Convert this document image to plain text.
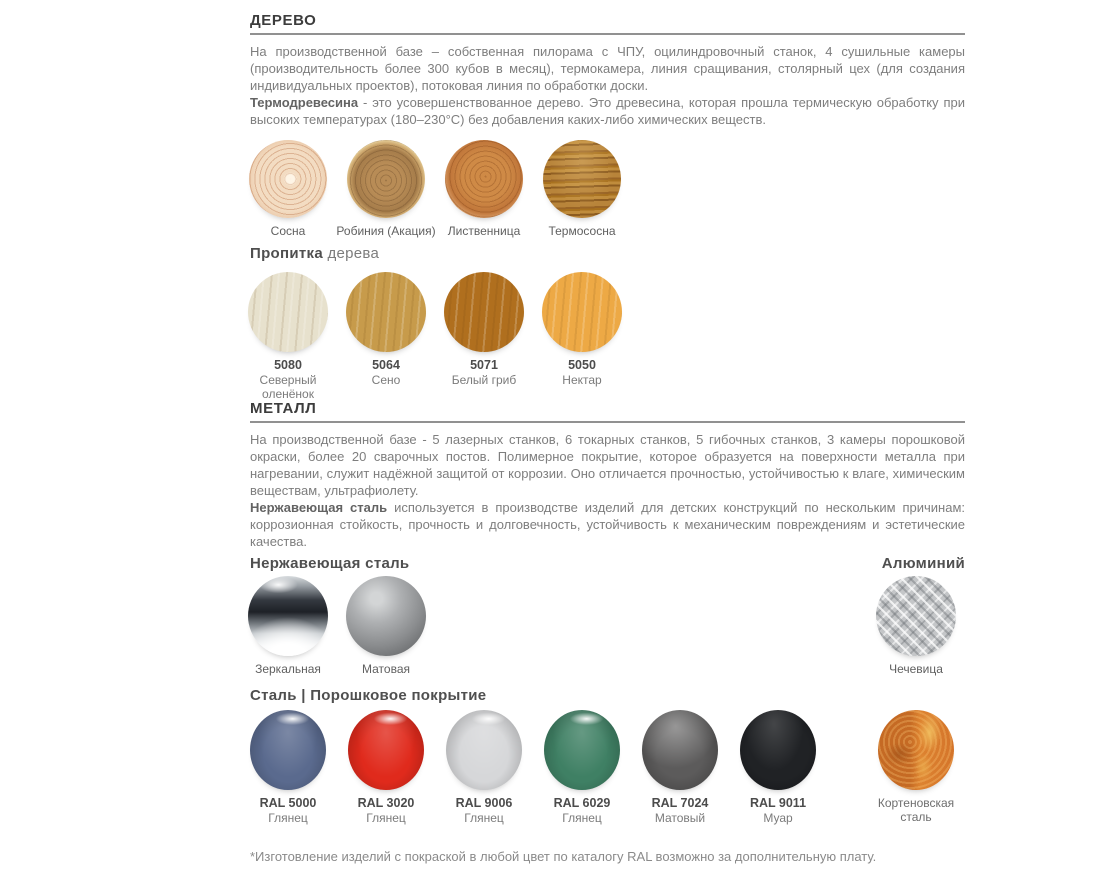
ДЕРЕВО

На производственной базе – собственная пилорама с ЧПУ, оцилиндровочный станок, 4 сушильные камеры (производительность более 300 кубов в месяц), термокамера, линия сращивания, столярный цех (для создания индивидуальных проектов), потоковая линия по обработки доски.

Термодревесина - это усовершенствованное дерево. Это древесина, которая прошла термическую обработку при высоких температурах (180–230°С) без добавления каких-либо химических веществ.

Сосна	Робиния (Акация) Лиственница Термососна
Пропитка дерева
5080
Северный оленёнок
5064
Сено
5071
Белый гриб
5050
Нектар
МЕТАЛЛ

На производственной базе - 5 лазерных станков, 6 токарных станков, 5 гибочных станков, 3 камеры порошковой окраски, более 20 сварочных постов. Полимерное покрытие, которое образуется на поверхности металла при нагревании, служит надёжной защитой от коррозии. Оно отличается прочностью, устойчивостью к влаге, химическим веществам, ультрафиолету.

Нержавеющая сталь используется в производстве изделий для детских конструкций по нескольким причинам: коррозионная стойкость, прочность и долговечность, устойчивость к механическим повреждениям и эстетические качества.

Нержавеющая сталь	Алюминий
Зеркальная	Матовая	Чечевица
Сталь | Порошковое покрытие
RAL 5000
Глянец
RAL 3020
Глянец
RAL 9006
Глянец
RAL 6029
Глянец
RAL 7024
Матовый
RAL 9011
Муар
Кортеновская сталь

*Изготовление изделий с покраской в любой цвет по каталогу RAL возможно за дополнительную плату.
